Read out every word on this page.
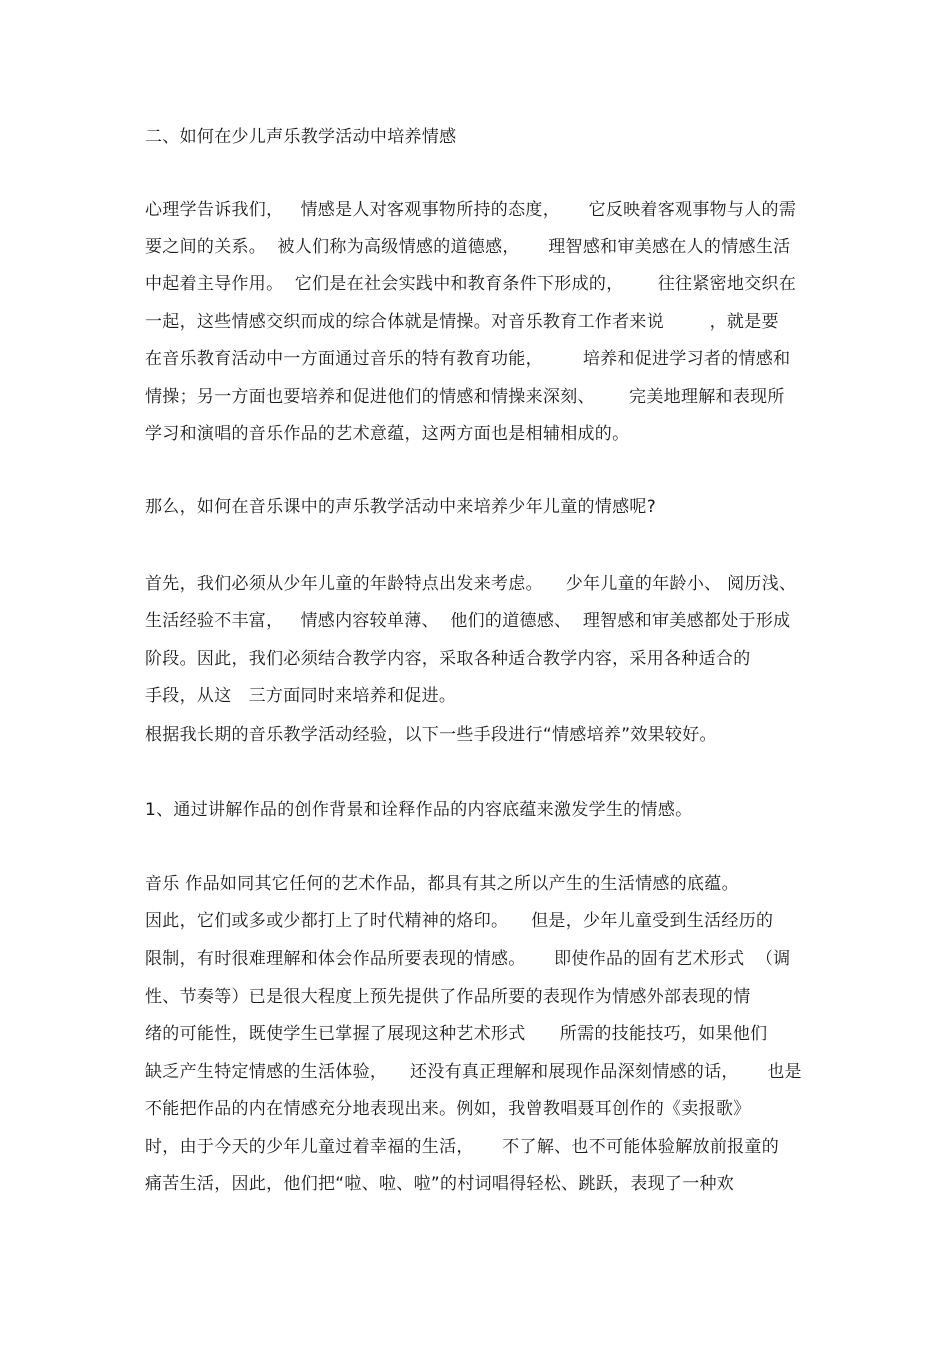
二、如何在少儿声乐教学活动中培养情感
心理学告诉我们，   情感是人对客观事物所持的态度，     它反映着客观事物与人的需
要之间的关系。  被人们称为高级情感的道德感，     理智感和审美感在人的情感生活
中起着主导作用。  它们是在社会实践中和教育条件下形成的，      往往紧密地交织在
一起，这些情感交织而成的综合体就是情操。对音乐教育工作者来说        ，就是要
在音乐教育活动中一方面通过音乐的特有教育功能，       培养和促进学习者的情感和
情操；另一方面也要培养和促进他们的情感和情操来深刻、      完美地理解和表现所
学习和演唱的音乐作品的艺术意蕴，这两方面也是相辅相成的。
那么，如何在音乐课中的声乐教学活动中来培养少年儿童的情感呢?
首先，我们必须从少年儿童的年龄特点出发来考虑。    少年儿童的年龄小、 阅历浅、
生活经验不丰富，   情感内容较单薄、  他们的道德感、  理智感和审美感都处于形成
阶段。因此，我们必须结合教学内容，采取各种适合教学内容，采用各种适合的
手段，从这   三方面同时来培养和促进。
根据我长期的音乐教学活动经验，以下一些手段进行“情感培养”效果较好。
1、通过讲解作品的创作背景和诠释作品的内容底蕴来激发学生的情感。
音乐 作品如同其它任何的艺术作品，都具有其之所以产生的生活情感的底蕴。
因此，它们或多或少都打上了时代精神的烙印。    但是，少年儿童受到生活经历的
限制，有时很难理解和体会作品所要表现的情感。     即使作品的固有艺术形式  （调
性、节奏等）已是很大程度上预先提供了作品所要的表现作为情感外部表现的情
绪的可能性，既使学生已掌握了展现这种艺术形式      所需的技能技巧，如果他们
缺乏产生特定情感的生活体验，    还没有真正理解和展现作品深刻情感的话，     也是
不能把作品的内在情感充分地表现出来。例如，我曾教唱聂耳创作的《卖报歌》
时，由于今天的少年儿童过着幸福的生活，     不了解、也不可能体验解放前报童的
痛苦生活，因此，他们把“啦、啦、啦”的村词唱得轻松、跳跃，表现了一种欢
